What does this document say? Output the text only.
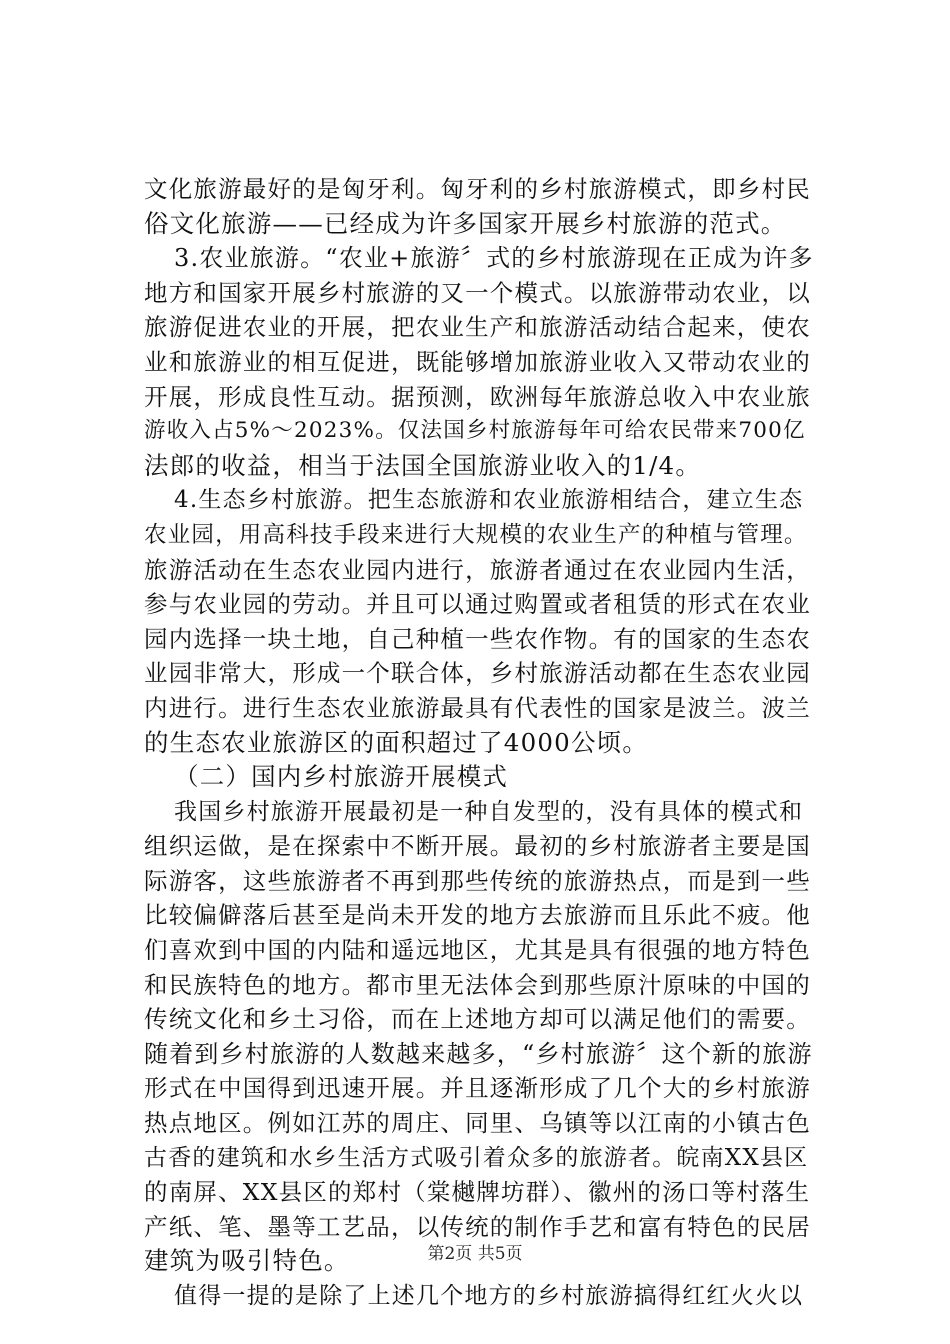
文化旅游最好的是匈牙利。匈牙利的乡村旅游模式，即乡村民
俗文化旅游——已经成为许多国家开展乡村旅游的范式。
3.农业旅游。“农业+旅游〞式的乡村旅游现在正成为许多
地方和国家开展乡村旅游的又一个模式。以旅游带动农业，以
旅游促进农业的开展，把农业生产和旅游活动结合起来，使农
业和旅游业的相互促进，既能够增加旅游业收入又带动农业的
开展，形成良性互动。据预测，欧洲每年旅游总收入中农业旅
游收入占5%～2023%。仅法国乡村旅游每年可给农民带来700亿
法郎的收益，相当于法国全国旅游业收入的1/4。
4.生态乡村旅游。把生态旅游和农业旅游相结合，建立生态
农业园，用高科技手段来进行大规模的农业生产的种植与管理。
旅游活动在生态农业园内进行，旅游者通过在农业园内生活，
参与农业园的劳动。并且可以通过购置或者租赁的形式在农业
园内选择一块土地，自己种植一些农作物。有的国家的生态农
业园非常大，形成一个联合体，乡村旅游活动都在生态农业园
内进行。进行生态农业旅游最具有代表性的国家是波兰。波兰
的生态农业旅游区的面积超过了4000公顷。
（二）国内乡村旅游开展模式
我国乡村旅游开展最初是一种自发型的，没有具体的模式和
组织运做，是在探索中不断开展。最初的乡村旅游者主要是国
际游客，这些旅游者不再到那些传统的旅游热点，而是到一些
比较偏僻落后甚至是尚未开发的地方去旅游而且乐此不疲。他
们喜欢到中国的内陆和遥远地区，尤其是具有很强的地方特色
和民族特色的地方。都市里无法体会到那些原汁原味的中国的
传统文化和乡土习俗，而在上述地方却可以满足他们的需要。
随着到乡村旅游的人数越来越多，“乡村旅游〞这个新的旅游
形式在中国得到迅速开展。并且逐渐形成了几个大的乡村旅游
热点地区。例如江苏的周庄、同里、乌镇等以江南的小镇古色
古香的建筑和水乡生活方式吸引着众多的旅游者。皖南XX县区
的南屏、XX县区的郑村（棠樾牌坊群）、徽州的汤口等村落生
产纸、笔、墨等工艺品，以传统的制作手艺和富有特色的民居
建筑为吸引特色。
值得一提的是除了上述几个地方的乡村旅游搞得红红火火以
第2页 共5页
